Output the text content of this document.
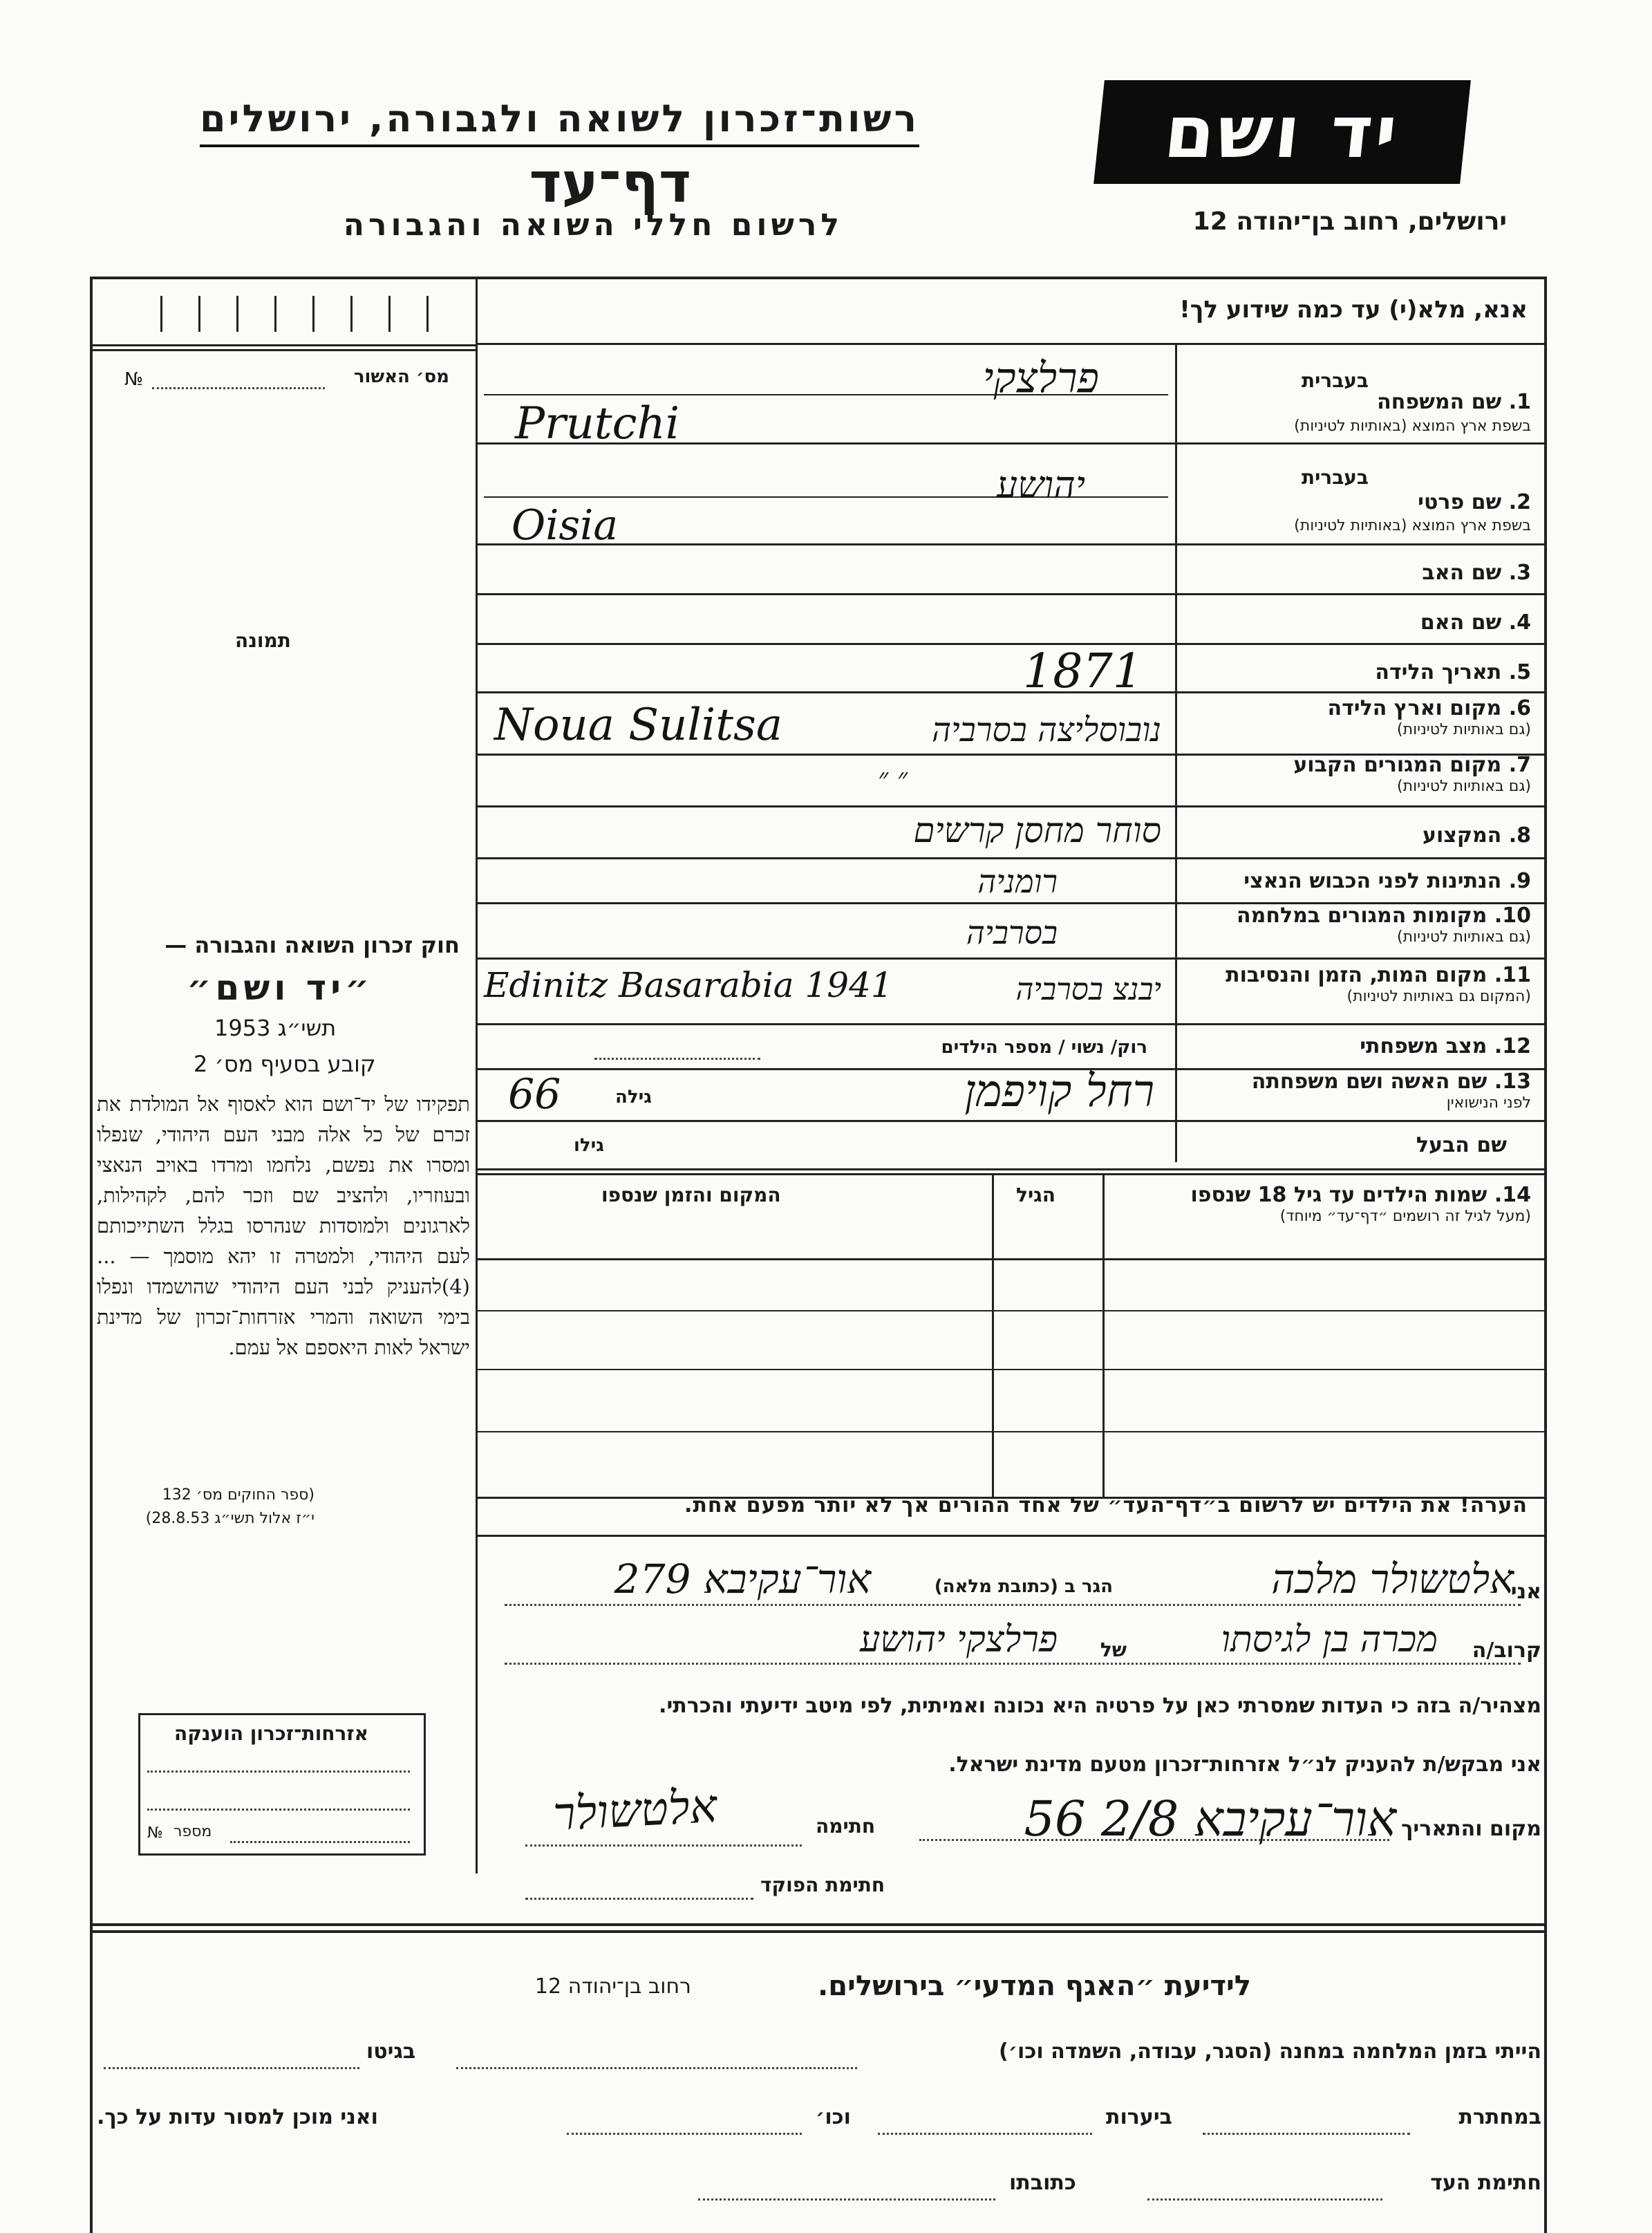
רשות־זכרון לשואה ולגבורה, ירושלים
דף־עד
לרשום חללי השואה והגבורה
יד ושם
ירושלים, רחוב בן־יהודה 12
אנא, מלא(י) עד כמה שידוע לך!
№	מס׳ האשור
תמונה
חוק זכרון השואה והגבורה —
״יד ושם״
תשי״ג 1953
קובע בסעיף מס׳ 2
תפקידו של יד־ושם הוא לאסוף אל המולדת את זכרם של כל אלה מבני העם היהודי, שנפלו ומסרו את נפשם, נלחמו ומרדו באויב הנאצי ובעוזריו, ולהציב שם וזכר להם, לקהילות, לארגונים ולמוסדות שנהרסו בגלל השתייכותם לעם היהודי, ולמטרה זו יהא מוסמך — ...(4)להעניק לבני העם היהודי שהושמדו ונפלו בימי השואה והמרי אזרחות־זכרון של מדינת ישראל לאות היאספם אל עמם.
(ספר החוקים מס׳ 132
י״ז אלול תשי״ג 28.8.53)
אזרחות־זכרון הוענקה
№ מספר
בעברית
1. שם המשפחה
בשפת ארץ המוצא (באותיות לטיניות)
פרלצקי
Prutchi
בעברית
2. שם פרטי
בשפת ארץ המוצא (באותיות לטיניות)
יהושע
Oisia
3. שם האב
4. שם האם
5. תאריך הלידה
1871
6. מקום וארץ הלידה
(גם באותיות לטיניות)
Noua Sulitsa	נובוסליצה בסרביה
7. מקום המגורים הקבוע
(גם באותיות לטיניות)
״ ״
8. המקצוע
סוחר מחסן קרשים
9. הנתינות לפני הכבוש הנאצי
רומניה
10. מקומות המגורים במלחמה
(גם באותיות לטיניות)
בסרביה
11. מקום המות, הזמן והנסיבות
(המקום גם באותיות לטיניות)
Edinitz Basarabia 1941	יבנצ בסרביה
12. מצב משפחתי
רוק/ נשוי / מספר הילדים
13. שם האשה ושם משפחתה
לפני הנישואין
רחל קויפמן
גילה
66
שם הבעל
גילו
14. שמות הילדים עד גיל 18 שנספו
(מעל לגיל זה רושמים ״דף־עד״ מיוחד)
הגיל
המקום והזמן שנספו
הערה! את הילדים יש לרשום ב״דף־העד״ של אחד ההורים אך לא יותר מפעם אחת.
אני
אלטשולר מלכה
הגר ב (כתובת מלאה)
אור־עקיבא 279
קרוב/ה
מכרה בן לגיסתו
של
פרלצקי יהושע
מצהיר/ה בזה כי העדות שמסרתי כאן על פרטיה היא נכונה ואמיתית, לפי מיטב ידיעתי והכרתי.
אני מבקש/ת להעניק לנ״ל אזרחות־זכרון מטעם מדינת ישראל.
מקום והתאריך
אור־עקיבא 2/8 56
חתימה
אלטשולר
חתימת הפוקד
לידיעת ״האגף המדעי״ בירושלים.
רחוב בן־יהודה 12
הייתי בזמן המלחמה במחנה (הסגר, עבודה, השמדה וכו׳)
בגיטו
במחתרת
ביערות
וכו׳
ואני מוכן למסור עדות על כך.
חתימת העד
כתובתו
